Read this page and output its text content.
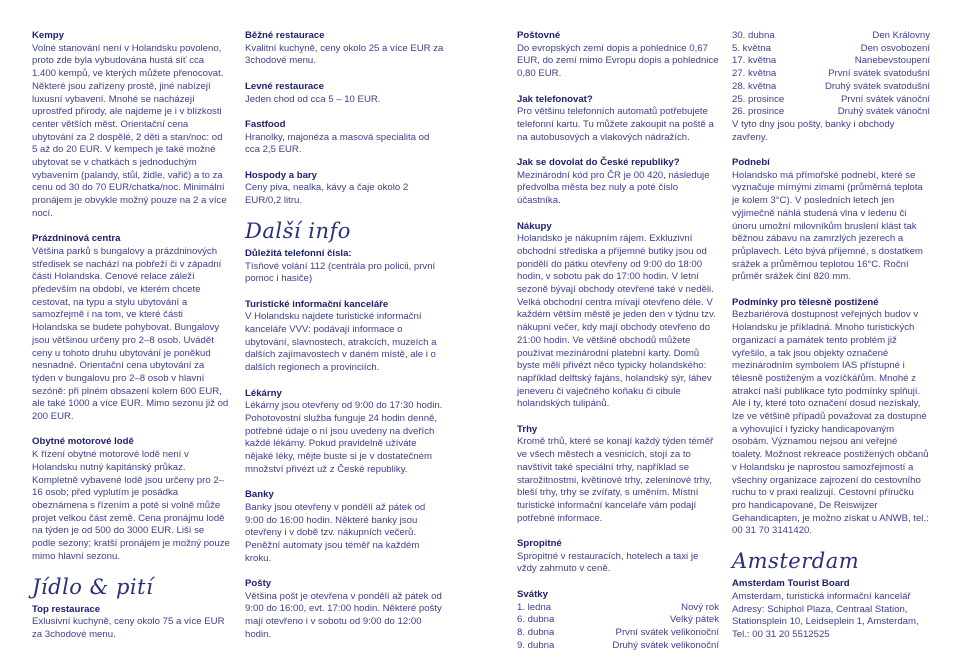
Kempy

Volné stanování není v Holandsku povoleno, proto zde byla vybudována hustá síť cca 1.400 kempů, ve kterých můžete přenocovat. Některé jsou zařízeny prostě, jiné nabízejí luxusní vybavení. Mnohé se nacházejí uprostřed přírody, ale najdeme je i v blízkosti center větších měst. Orientační cena ubytování za 2 dospělé, 2 děti a stan/noc: od 5 až do 20 EUR. V kempech je také možné ubytovat se v chatkách s jednoduchým vybavením (palandy, stůl, židle, vařič) a to za cenu od 30 do 70 EUR/chatka/noc. Minimální pronájem je obvykle možný pouze na 2 a více nocí.

Prázdninová centra

Většina parků s bungalovy a prázdninových středisek se nachází na pobřeží či v západní části Holandska. Cenové relace záleží především na období, ve kterém chcete cestovat, na typu a stylu ubytování a samozřejmě i na tom, ve které části Holandska se budete pohybovat. Bungalovy jsou většinou určeny pro 2–8 osob. Uvádět ceny u tohoto druhu ubytování je poněkud nesnadné. Orientační cena ubytování za týden v bungalovu pro 2–8 osob v hlavní sezóně: při plném obsazení kolem 600 EUR, ale také 1000 a více EUR. Mimo sezonu již od 200 EUR.

Obytné motorové lodě

K řízení obytné motorové lodě není v Holandsku nutný kapitánský průkaz. Kompletně vybavené lodě jsou určeny pro 2–16 osob; před vyplutím je posádka obeznámena s řízením a poté si volně může projet velkou část země. Cena pronájmu lodě na týden je od 500 do 3000 EUR. Liší se podle sezony; kratší pronájem je možný pouze mimo hlavní sezonu.

Jídlo & pití
Top restaurace

Exlusivní kuchyně, ceny okolo 75 a více EUR za 3chodové menu.

Běžné restaurace

Kvalitní kuchyně, ceny okolo 25 a více EUR za 3chodové menu.

Levné restaurace

Jeden chod od cca 5 – 10 EUR.

Fastfood

Hranolky, majonéza a masová specialita od cca 2,5 EUR.

Hospody a bary

Ceny piva, nealka, kávy a čaje okolo 2 EUR/0,2 litru.

Další info
Důležitá telefonní čísla:

Tísňové volání 112 (centrála pro policii, první pomoc i hasiče)

Turistické informační kanceláře

V Holandsku najdete turistické informační kanceláře VVV: podávají informace o ubytování, slavnostech, atrakcích, muzeích a dalších zajímavostech v daném místě, ale i o dalších regionech a provinciích.

Lékárny

Lékárny jsou otevřeny od 9:00 do 17:30 hodin. Pohotovostní služba funguje 24 hodin denně, potřebné údaje o ní jsou uvedeny na dveřích každé lékárny. Pokud pravidelně užíváte nějaké léky, mějte buste si je v dostatečném množství přivézt už z České republiky.

Banky

Banky jsou otevřeny v pondělí až pátek od 9:00 do 16:00 hodin. Některé banky jsou otevřeny i v době tzv. nákupních večerů. Peněžní automaty jsou téměř na každém kroku.

Pošty

Většina pošt je otevřena v pondělí až pátek od 9:00 do 16:00, evt. 17:00 hodin. Některé pošty mají otevřeno i v sobotu od 9:00 do 12:00 hodin.

Poštovné

Do evropských zemí dopis a pohlednice 0,67 EUR, do zemí mimo Evropu dopis a pohlednice 0,80 EUR.

Jak telefonovat?

Pro většinu telefonních automatů potřebujete telefonní kartu. Tu můžete zakoupit na poště a na autobusových a vlakových nádražích.

Jak se dovolat do České republiky?

Mezinárodní kód pro ČR je 00 420, následuje předvolba města bez nuly a poté číslo účastníka.

Nákupy

Holandsko je nákupním rájem. Exkluzivní obchodní střediska a příjemné butiky jsou od pondělí do pátku otevřeny od 9:00 do 18:00 hodin, v sobotu pak do 17:00 hodin. V letní sezoně bývají obchody otevřené také v neděli. Velká obchodní centra mívají otevřeno déle. V každém větším městě je jeden den v týdnu tzv. nákupní večer, kdy mají obchody otevřeno do 21:00 hodin. Ve většině obchodů můžete používat mezinárodní platební karty. Domů byste měli přivézt něco typicky holandského: například delftský fajáns, holandský sýr, láhev jeneveru či vaječného koňaku či cibule holandských tulipánů.

Trhy

Kromě trhů, které se konají každý týden téměř ve všech městech a vesnicích, stojí za to navštívit také speciální trhy, například se starožitnostmi, květinové trhy, zeleninové trhy, bleší trhy, trhy se zvířaty, s uměním. Místní turistické informační kanceláře vám podají potřebné informace.

Spropitné

Spropitné v restauracích, hotelech a taxi je vždy zahrnuto v ceně.

Svátky
1. ledna	Nový rok
6. dubna	Velký pátek
8. dubna	První svátek velikonoční
9. dubna	Druhý svátek velikonoční
30. dubna	Den Královny
5. května	Den osvobození
17. května	Nanebevstoupení
27. května	První svátek svatodušní
28. května	Druhý svátek svatodušní
25. prosince	První svátek vánoční
26. prosince	Druhý svátek vánoční

V tyto dny jsou pošty, banky i obchody zavřeny.

Podnebí

Holandsko má přímořské podnebí, které se vyznačuje mírnými zimami (průměrná teplota je kolem 3°C). V posledních letech jen výjimečně náhlá studená vlna v ledenu či únoru umožní milovníkům bruslení klást tak běžnou zábavu na zamrzlých jezerech a průplavech. Léto bývá příjemné, s dostatkem srážek a průměrnou teplotou 16°C. Roční průměr srážek činí 820 mm.

Podmínky pro tělesně postižené

Bezbariérová dostupnost veřejných budov v Holandsku je příkladná. Mnoho turistických organizací a památek tento problém již vyřešilo, a tak jsou objekty označené mezinárodním symbolem IAS přístupné i tělesně postiženým a vozíčkářům. Mnohé z atrakcí naší publikace tyto podmínky splňují. Ale i ty, které toto označení dosud nezískaly, lze ve většině případů považovat za dostupné a vyhovující i fyzicky handicapovaným osobám. Významou nejsou ani veřejné toalety. Možnost rekreace postižených občanů v Holandsku je naprostou samozřejmostí a všechny organizace zajrození do cestovního ruchu to v praxi realizují. Cestovní příručku pro handicapované, De Reiswijzer Gehandicapten, je možno získat u ANWB, tel.: 00 31 70 3141420.

Amsterdam
Amsterdam Tourist Board

Amsterdam, turistická informační kancelář Adresy: Schiphol Plaza, Centraal Station, Stationsplein 10, Leidseplein 1, Amsterdam, Tel.: 00 31 20 5512525
